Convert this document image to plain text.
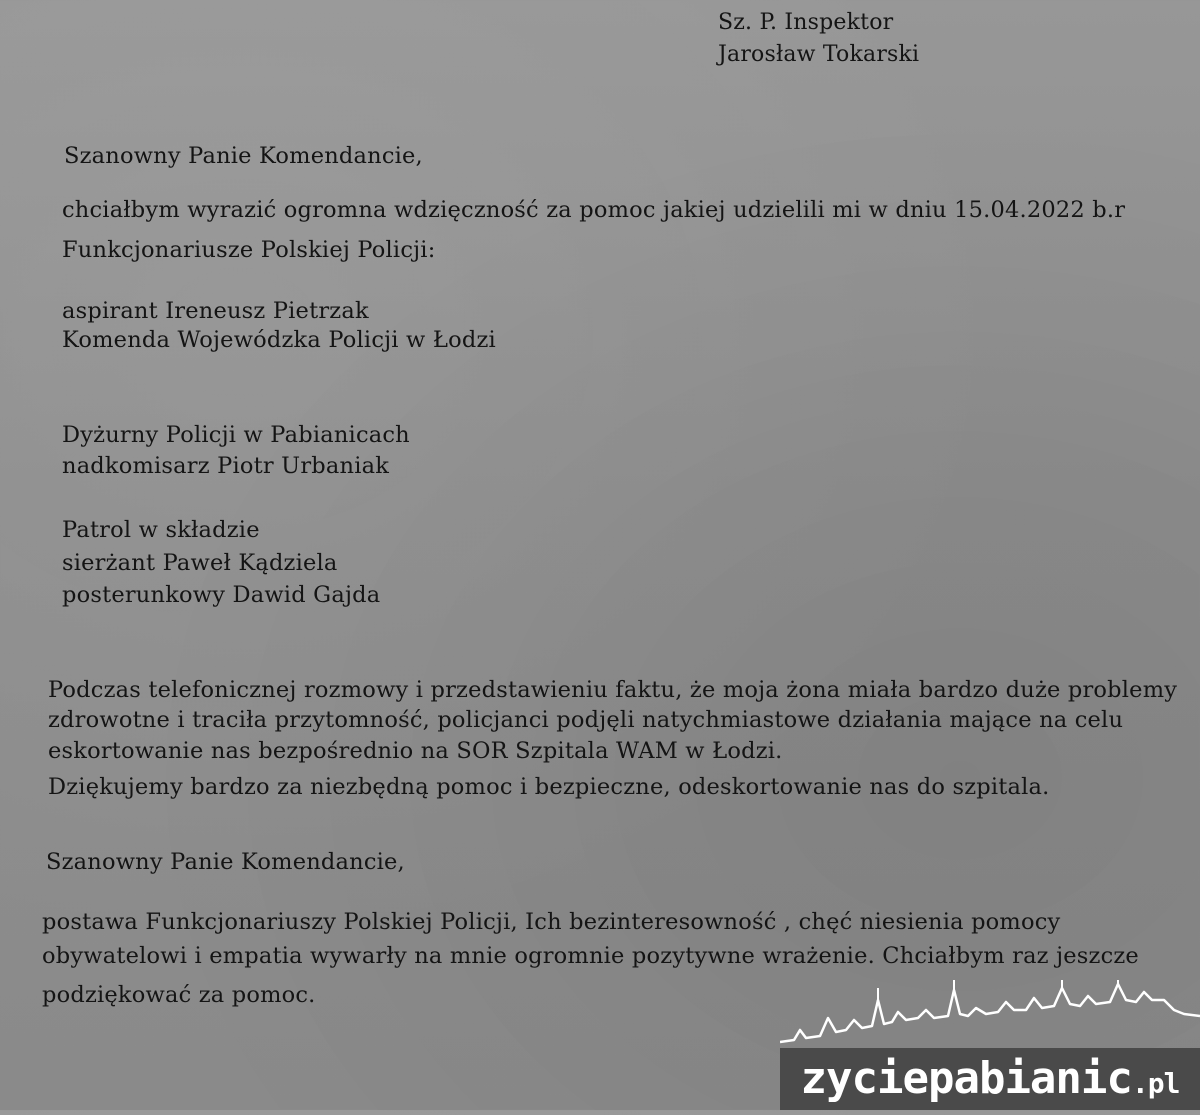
Sz. P. Inspektor
Jarosław Tokarski
Szanowny Panie Komendancie,
chciałbym wyrazić ogromna wdzięczność za pomoc jakiej udzielili mi w dniu 15.04.2022 b.r
Funkcjonariusze Polskiej Policji:
aspirant Ireneusz Pietrzak
Komenda Wojewódzka Policji w Łodzi
Dyżurny Policji w Pabianicach
nadkomisarz Piotr Urbaniak
Patrol w składzie
sierżant Paweł Kądziela
posterunkowy Dawid Gajda
Podczas telefonicznej rozmowy i przedstawieniu faktu, że moja żona miała bardzo duże problemy
zdrowotne i traciła przytomność, policjanci podjęli natychmiastowe działania mające na celu
eskortowanie nas bezpośrednio na SOR Szpitala WAM w Łodzi.
Dziękujemy bardzo za niezbędną pomoc i bezpieczne, odeskortowanie nas do szpitala.
Szanowny Panie Komendancie,
postawa Funkcjonariuszy Polskiej Policji, Ich bezinteresowność , chęć niesienia pomocy
obywatelowi i empatia wywarły na mnie ogromnie pozytywne wrażenie. Chciałbym raz jeszcze
podziękować za pomoc.
zyciepabianic.pl
